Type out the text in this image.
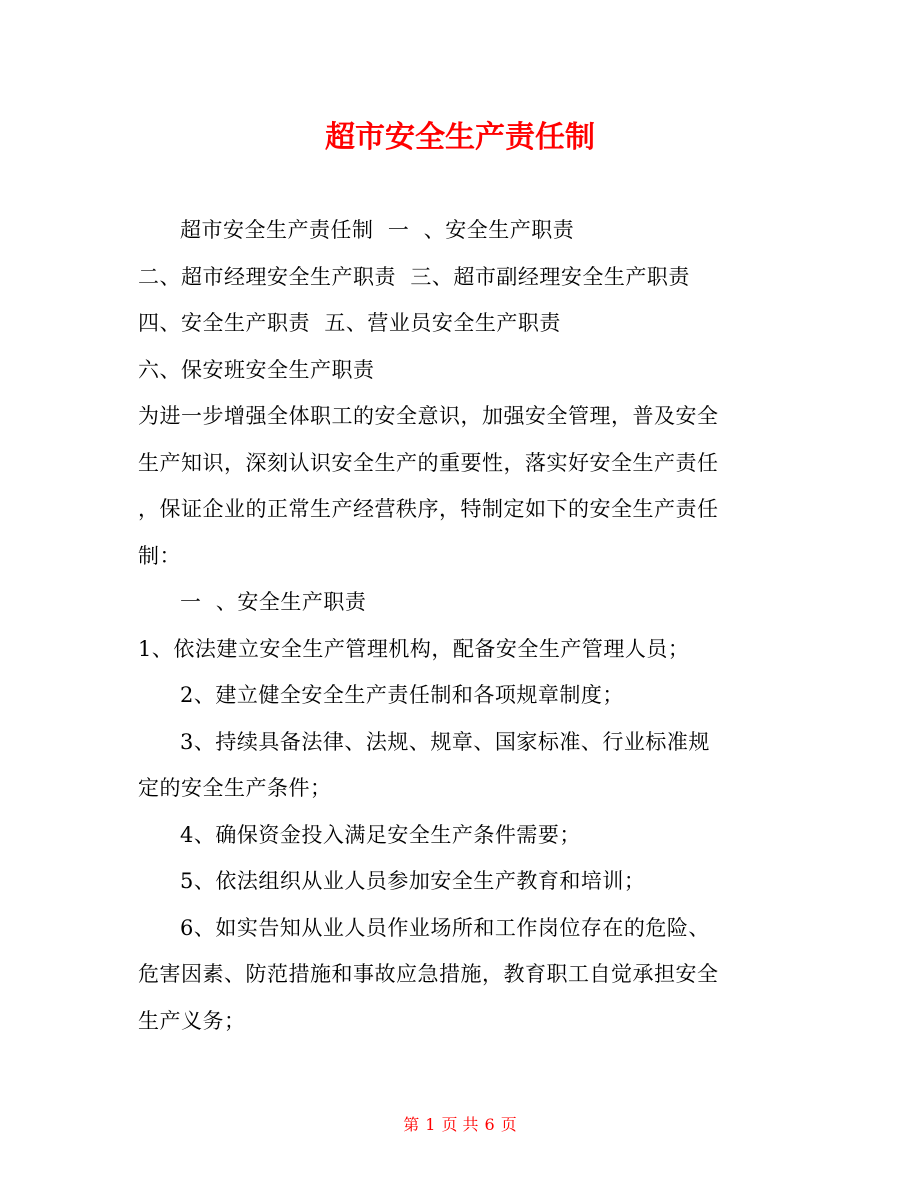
超市安全生产责任制
超市安全生产责任制  一  、安全生产职责
二、超市经理安全生产职责  三、超市副经理安全生产职责
四、安全生产职责  五、营业员安全生产职责
六、保安班安全生产职责
为进一步增强全体职工的安全意识，加强安全管理，普及安全
生产知识，深刻认识安全生产的重要性，落实好安全生产责任
，保证企业的正常生产经营秩序，特制定如下的安全生产责任
制：
一  、安全生产职责
1、依法建立安全生产管理机构，配备安全生产管理人员；
2、建立健全安全生产责任制和各项规章制度；
3、持续具备法律、法规、规章、国家标准、行业标准规
定的安全生产条件；
4、确保资金投入满足安全生产条件需要；
5、依法组织从业人员参加安全生产教育和培训；
6、如实告知从业人员作业场所和工作岗位存在的危险、
危害因素、防范措施和事故应急措施，教育职工自觉承担安全
生产义务；
第 1 页 共 6 页
